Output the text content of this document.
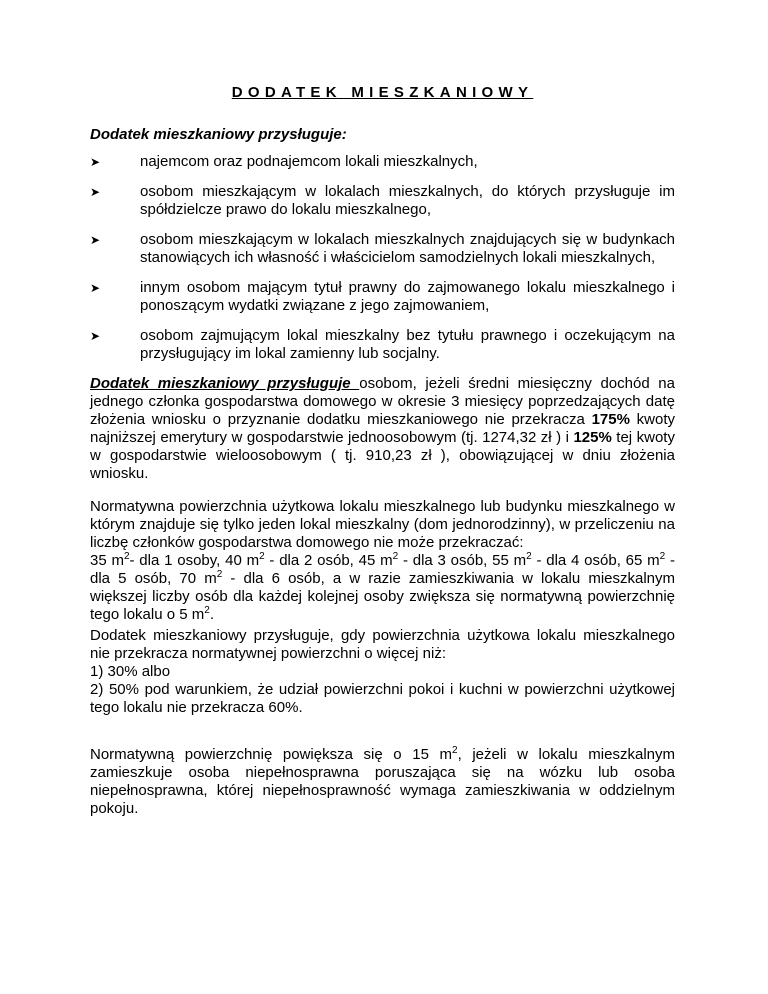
DODATEK MIESZKANIOWY
Dodatek mieszkaniowy przysługuje:
➤	najemcom oraz podnajemcom lokali mieszkalnych,
➤	osobom mieszkającym w lokalach mieszkalnych, do których przysługuje im spółdzielcze prawo do lokalu mieszkalnego,
➤	osobom mieszkającym w lokalach mieszkalnych znajdujących się w budynkach stanowiących ich własność i właścicielom samodzielnych lokali mieszkalnych,
➤	innym osobom mającym tytuł prawny do zajmowanego lokalu mieszkalnego i ponoszącym wydatki związane z jego zajmowaniem,
➤	osobom zajmującym lokal mieszkalny bez tytułu prawnego i oczekującym na przysługujący im lokal zamienny lub socjalny.

Dodatek mieszkaniowy przysługuje osobom, jeżeli średni miesięczny dochód na jednego członka gospodarstwa domowego w okresie 3 miesięcy poprzedzających datę złożenia wniosku o przyznanie dodatku mieszkaniowego nie przekracza 175% kwoty najniższej emerytury w gospodarstwie jednoosobowym (tj. 1274,32 zł ) i 125% tej kwoty w gospodarstwie wieloosobowym ( tj. 910,23 zł ), obowiązującej w dniu złożenia wniosku.

Normatywna powierzchnia użytkowa lokalu mieszkalnego lub budynku mieszkalnego w którym znajduje się tylko jeden lokal mieszkalny (dom jednorodzinny), w przeliczeniu na liczbę członków gospodarstwa domowego nie może przekraczać:
35 $m^2-$ dla 1 osoby, 40 $m^2$ - dla 2 osób, 45 $m^2$ - dla 3 osób, 55 $m^2$ - dla 4 osób, 65 $m^2$ - dla 5 osób, 70 $m^2$ - dla 6 osób, a w razie zamieszkiwania w lokalu mieszkalnym większej liczby osób dla każdej kolejnej osoby zwiększa się normatywną powierzchnię tego lokalu o 5 $m^2$.

Dodatek mieszkaniowy przysługuje, gdy powierzchnia użytkowa lokalu mieszkalnego nie przekracza normatywnej powierzchni o więcej niż:
1) 30% albo
2) 50% pod warunkiem, że udział powierzchni pokoi i kuchni w powierzchni użytkowej tego lokalu nie przekracza 60%.

Normatywną powierzchnię powiększa się o 15 $m^2$, jeżeli w lokalu mieszkalnym zamieszkuje osoba niepełnosprawna poruszająca się na wózku lub osoba niepełnosprawna, której niepełnosprawność wymaga zamieszkiwania w oddzielnym pokoju.
